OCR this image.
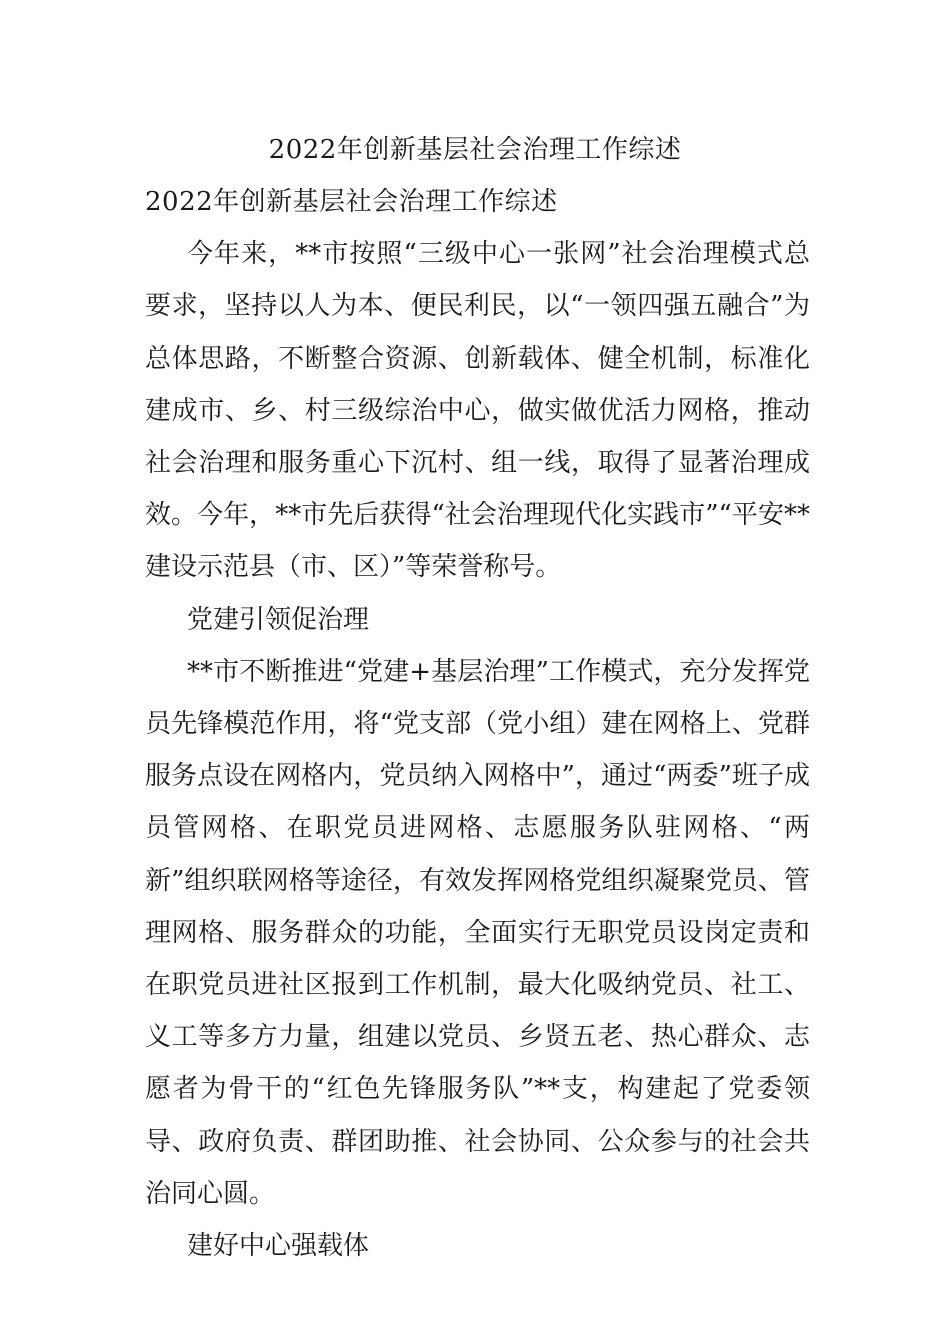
2022年创新基层社会治理工作综述

2022年创新基层社会治理工作综述

今年来，**市按照“三级中心一张网”社会治理模式总要求，坚持以人为本、便民利民，以“一领四强五融合”为总体思路，不断整合资源、创新载体、健全机制，标准化建成市、乡、村三级综治中心，做实做优活力网格，推动社会治理和服务重心下沉村、组一线，取得了显著治理成效。今年，**市先后获得“社会治理现代化实践市”“平安**建设示范县（市、区）”等荣誉称号。

党建引领促治理

**市不断推进“党建+基层治理”工作模式，充分发挥党员先锋模范作用，将“党支部（党小组）建在网格上、党群服务点设在网格内，党员纳入网格中”，通过“两委”班子成员管网格、在职党员进网格、志愿服务队驻网格、“两新”组织联网格等途径，有效发挥网格党组织凝聚党员、管理网格、服务群众的功能，全面实行无职党员设岗定责和在职党员进社区报到工作机制，最大化吸纳党员、社工、义工等多方力量，组建以党员、乡贤五老、热心群众、志愿者为骨干的“红色先锋服务队”**支，构建起了党委领导、政府负责、群团助推、社会协同、公众参与的社会共治同心圆。

建好中心强载体
